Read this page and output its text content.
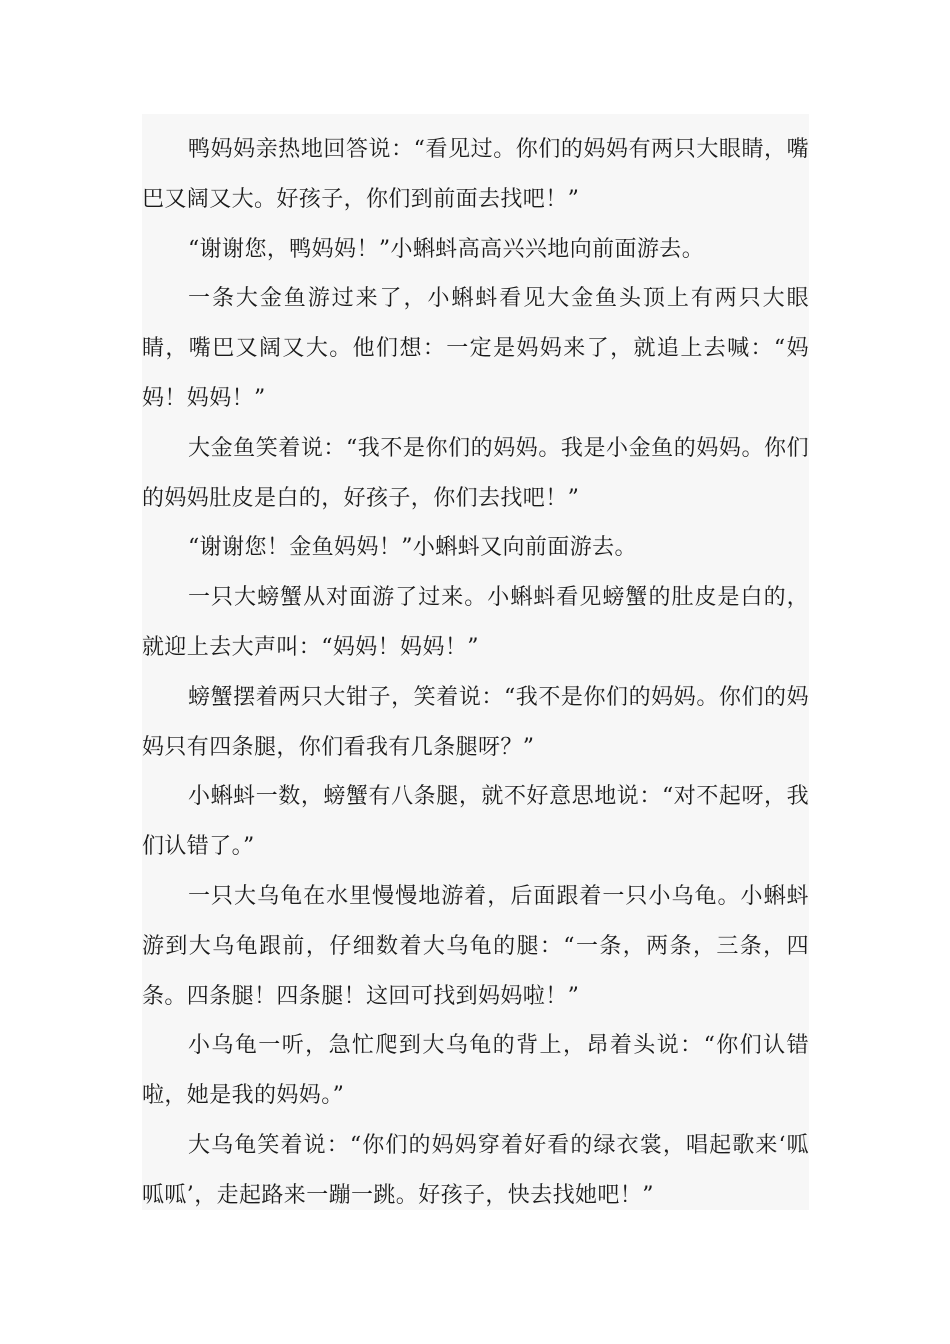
鸭妈妈亲热地回答说：“看见过。你们的妈妈有两只大眼睛，嘴巴又阔又大。好孩子，你们到前面去找吧！”

“谢谢您，鸭妈妈！”小蝌蚪高高兴兴地向前面游去。

一条大金鱼游过来了，小蝌蚪看见大金鱼头顶上有两只大眼睛，嘴巴又阔又大。他们想：一定是妈妈来了，就追上去喊：“妈妈！妈妈！”

大金鱼笑着说：“我不是你们的妈妈。我是小金鱼的妈妈。你们的妈妈肚皮是白的，好孩子，你们去找吧！”

“谢谢您！金鱼妈妈！”小蝌蚪又向前面游去。

一只大螃蟹从对面游了过来。小蝌蚪看见螃蟹的肚皮是白的，就迎上去大声叫：“妈妈！妈妈！”

螃蟹摆着两只大钳子，笑着说：“我不是你们的妈妈。你们的妈妈只有四条腿，你们看我有几条腿呀？”

小蝌蚪一数，螃蟹有八条腿，就不好意思地说：“对不起呀，我们认错了。”

一只大乌龟在水里慢慢地游着，后面跟着一只小乌龟。小蝌蚪游到大乌龟跟前，仔细数着大乌龟的腿：“一条，两条，三条，四条。四条腿！四条腿！这回可找到妈妈啦！”

小乌龟一听，急忙爬到大乌龟的背上，昂着头说：“你们认错啦，她是我的妈妈。”

大乌龟笑着说：“你们的妈妈穿着好看的绿衣裳，唱起歌来‘呱呱呱’，走起路来一蹦一跳。好孩子，快去找她吧！”
